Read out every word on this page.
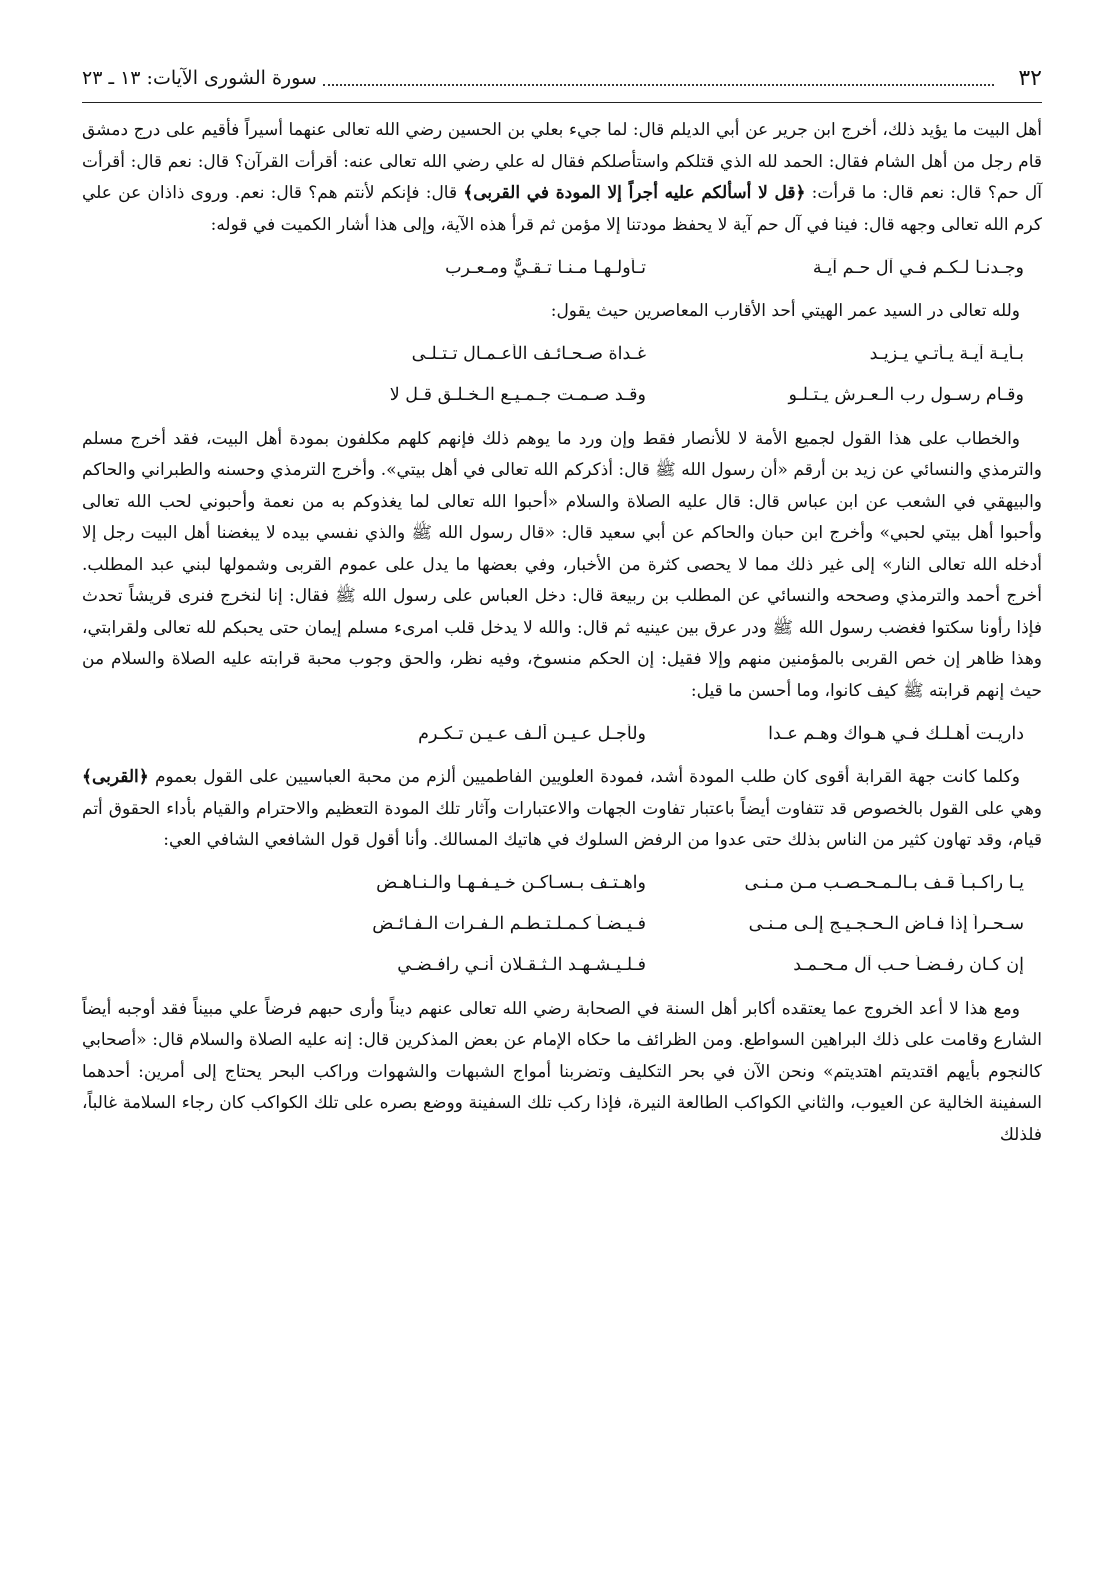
٣٢
سورة الشورى الآيات: ١٣ ـ ٢٣

أهل البيت ما يؤيد ذلك، أخرج ابن جرير عن أبي الديلم قال: لما جيء بعلي بن الحسين رضي الله تعالى عنهما أسيراً فأقيم على درج دمشق قام رجل من أهل الشام فقال: الحمد لله الذي قتلكم واستأصلكم فقال له علي رضي الله تعالى عنه: أقرأت القرآن؟ قال: نعم قال: أقرأت آل حم؟ قال: نعم قال: ما قرأت: ﴿قل لا أسألكم عليه أجراً إلا المودة في القربى﴾ قال: فإنكم لأنتم هم؟ قال: نعم. وروى ذاذان عن علي كرم الله تعالى وجهه قال: فينا في آل حم آية لا يحفظ مودتنا إلا مؤمن ثم قرأ هذه الآية، وإلى هذا أشار الكميت في قوله:

وجـدنـا لـكـم فـي آل حـم آيـة
تـأولـهـا مـنـا تـقـيٌّ ومـعـرب

ولله تعالى در السيد عمر الهيتي أحد الأقارب المعاصرين حيث يقول:

بـأيـة آيـة يـأتـي يـزيـد
غـداة صـحـائـف الأعـمـال تـتـلـى
وقـام رسـول رب الـعـرش يـتـلـو
وقـد صـمـت جـمـيـع الـخـلـق قـل لا

والخطاب على هذا القول لجميع الأمة لا للأنصار فقط وإن ورد ما يوهم ذلك فإنهم كلهم مكلفون بمودة أهل البيت، فقد أخرج مسلم والترمذي والنسائي عن زيد بن أرقم «أن رسول الله ﷺ قال: أذكركم الله تعالى في أهل بيتي». وأخرج الترمذي وحسنه والطبراني والحاكم والبيهقي في الشعب عن ابن عباس قال: قال عليه الصلاة والسلام «أحبوا الله تعالى لما يغذوكم به من نعمة وأحبوني لحب الله تعالى وأحبوا أهل بيتي لحبي» وأخرج ابن حبان والحاكم عن أبي سعيد قال: «قال رسول الله ﷺ والذي نفسي بيده لا يبغضنا أهل البيت رجل إلا أدخله الله تعالى النار» إلى غير ذلك مما لا يحصى كثرة من الأخبار، وفي بعضها ما يدل على عموم القربى وشمولها لبني عبد المطلب. أخرج أحمد والترمذي وصححه والنسائي عن المطلب بن ربيعة قال: دخل العباس على رسول الله ﷺ فقال: إنا لنخرج فنرى قريشاً تحدث فإذا رأونا سكتوا فغضب رسول الله ﷺ ودر عرق بين عينيه ثم قال: والله لا يدخل قلب امرىء مسلم إيمان حتى يحبكم لله تعالى ولقرابتي، وهذا ظاهر إن خص القربى بالمؤمنين منهم وإلا فقيل: إن الحكم منسوخ، وفيه نظر، والحق وجوب محبة قرابته عليه الصلاة والسلام من حيث إنهم قرابته ﷺ كيف كانوا، وما أحسن ما قيل:

داريـت أهـلـك فـي هـواك وهـم عـدا
ولأجـل عـيـن ألـف عـيـن تـكـرم

وكلما كانت جهة القرابة أقوى كان طلب المودة أشد، فمودة العلويين الفاطميين ألزم من محبة العباسيين على القول بعموم ﴿القربى﴾ وهي على القول بالخصوص قد تتفاوت أيضاً باعتبار تفاوت الجهات والاعتبارات وآثار تلك المودة التعظيم والاحترام والقيام بأداء الحقوق أتم قيام، وقد تهاون كثير من الناس بذلك حتى عدوا من الرفض السلوك في هاتيك المسالك. وأنا أقول قول الشافعي الشافي العي:

يـا راكـبـاً قـف بـالـمـحـصـب مـن مـنـى
واهـتـف بـسـاكـن خـيـفـهـا والـنـاهـض
سـحـراً إذا فـاض الـحـجـيـج إلـى مـنـى
فـيـضـاً كـمـلـتـطـم الـفـرات الـفـائـض
إن كـان رفـضـاً حـب آل مـحـمـد
فـلـيـشـهـد الـثـقـلان أنـي رافـضـي

ومع هذا لا أعد الخروج عما يعتقده أكابر أهل السنة في الصحابة رضي الله تعالى عنهم ديناً وأرى حبهم فرضاً علي مبيناً فقد أوجبه أيضاً الشارع وقامت على ذلك البراهين السواطع. ومن الظرائف ما حكاه الإمام عن بعض المذكرين قال: إنه عليه الصلاة والسلام قال: «أصحابي كالنجوم بأيهم اقتديتم اهتديتم» ونحن الآن في بحر التكليف وتضربنا أمواج الشبهات والشهوات وراكب البحر يحتاج إلى أمرين: أحدهما السفينة الخالية عن العيوب، والثاني الكواكب الطالعة النيرة، فإذا ركب تلك السفينة ووضع بصره على تلك الكواكب كان رجاء السلامة غالباً، فلذلك
